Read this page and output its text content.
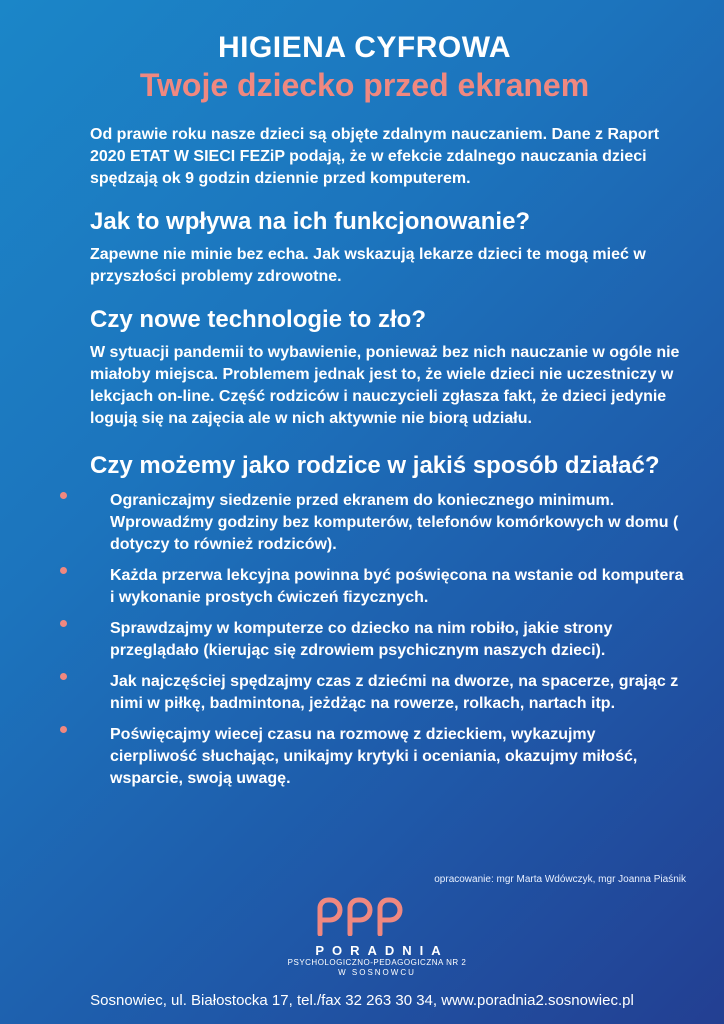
HIGIENA CYFROWA
Twoje dziecko przed ekranem
Od prawie roku nasze dzieci są objęte zdalnym nauczaniem. Dane z Raport 2020 ETAT W SIECI FEZiP podają, że w efekcie zdalnego nauczania dzieci spędzają ok 9 godzin dziennie przed komputerem.
Jak to wpływa na ich funkcjonowanie?
Zapewne nie minie bez echa. Jak wskazują lekarze dzieci te mogą mieć w przyszłości problemy zdrowotne.
Czy nowe technologie to zło?
W sytuacji pandemii to wybawienie, ponieważ bez nich nauczanie w ogóle nie miałoby miejsca. Problemem jednak jest to, że wiele dzieci nie uczestniczy w lekcjach on-line. Część rodziców i nauczycieli zgłasza fakt, że dzieci jedynie logują się na zajęcia ale w nich aktywnie nie biorą udziału.
Czy możemy jako rodzice w jakiś sposób działać?
Ograniczajmy siedzenie przed ekranem do koniecznego minimum. Wprowadźmy godziny bez komputerów, telefonów komórkowych w domu ( dotyczy to również rodziców).
Każda przerwa lekcyjna powinna być poświęcona na wstanie od komputera i wykonanie prostych ćwiczeń fizycznych.
Sprawdzajmy w komputerze co dziecko na nim robiło, jakie strony przeglądało (kierując się zdrowiem psychicznym naszych dzieci).
Jak najczęściej spędzajmy czas z dziećmi na dworze, na spacerze, grając z nimi w piłkę, badmintona, jeżdżąc na rowerze, rolkach, nartach itp.
Poświęcajmy wiecej czasu na rozmowę z dzieckiem, wykazujmy cierpliwość słuchając, unikajmy krytyki i oceniania, okazujmy miłość, wsparcie, swoją uwagę.
opracowanie: mgr Marta Wdówczyk, mgr Joanna Piaśnik
PORADNIA
PSYCHOLOGICZNO-PEDAGOGICZNA NR 2
W SOSNOWCU
Sosnowiec, ul. Białostocka 17, tel./fax 32 263 30 34, www.poradnia2.sosnowiec.pl
